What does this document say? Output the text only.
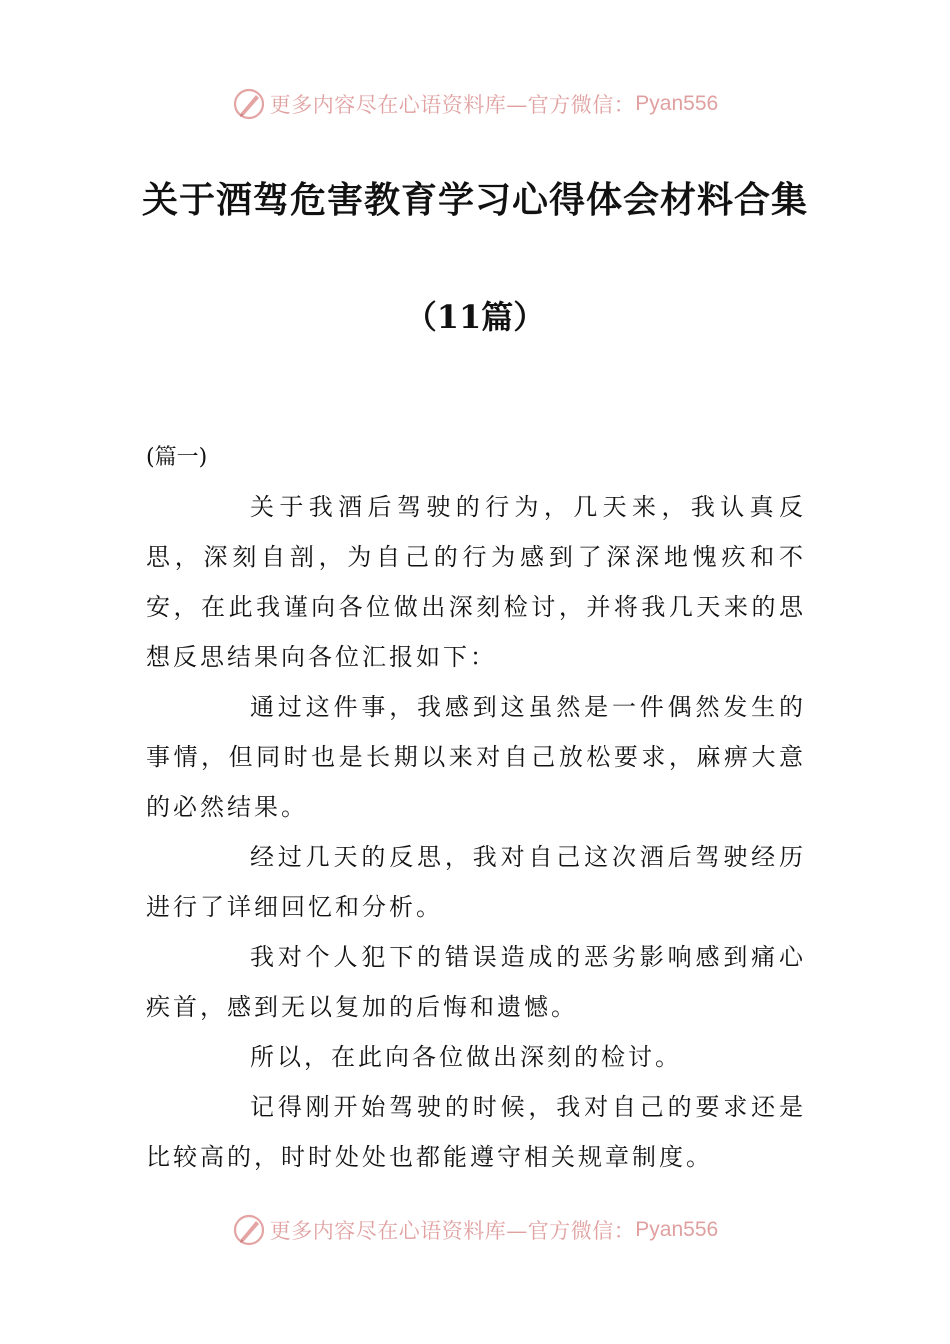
更多内容尽在心语资料库—官方微信： Pyan556
关于酒驾危害教育学习心得体会材料合集
（11篇）
(篇一)

关于我酒后驾驶的行为，几天来，我认真反思，深刻自剖，为自己的行为感到了深深地愧疚和不安，在此我谨向各位做出深刻检讨，并将我几天来的思想反思结果向各位汇报如下：

通过这件事，我感到这虽然是一件偶然发生的事情，但同时也是长期以来对自己放松要求，麻痹大意的必然结果。

经过几天的反思，我对自己这次酒后驾驶经历进行了详细回忆和分析。

我对个人犯下的错误造成的恶劣影响感到痛心疾首，感到无以复加的后悔和遗憾。

所以，在此向各位做出深刻的检讨。

记得刚开始驾驶的时候，我对自己的要求还是比较高的，时时处处也都能遵守相关规章制度。

更多内容尽在心语资料库—官方微信： Pyan556
